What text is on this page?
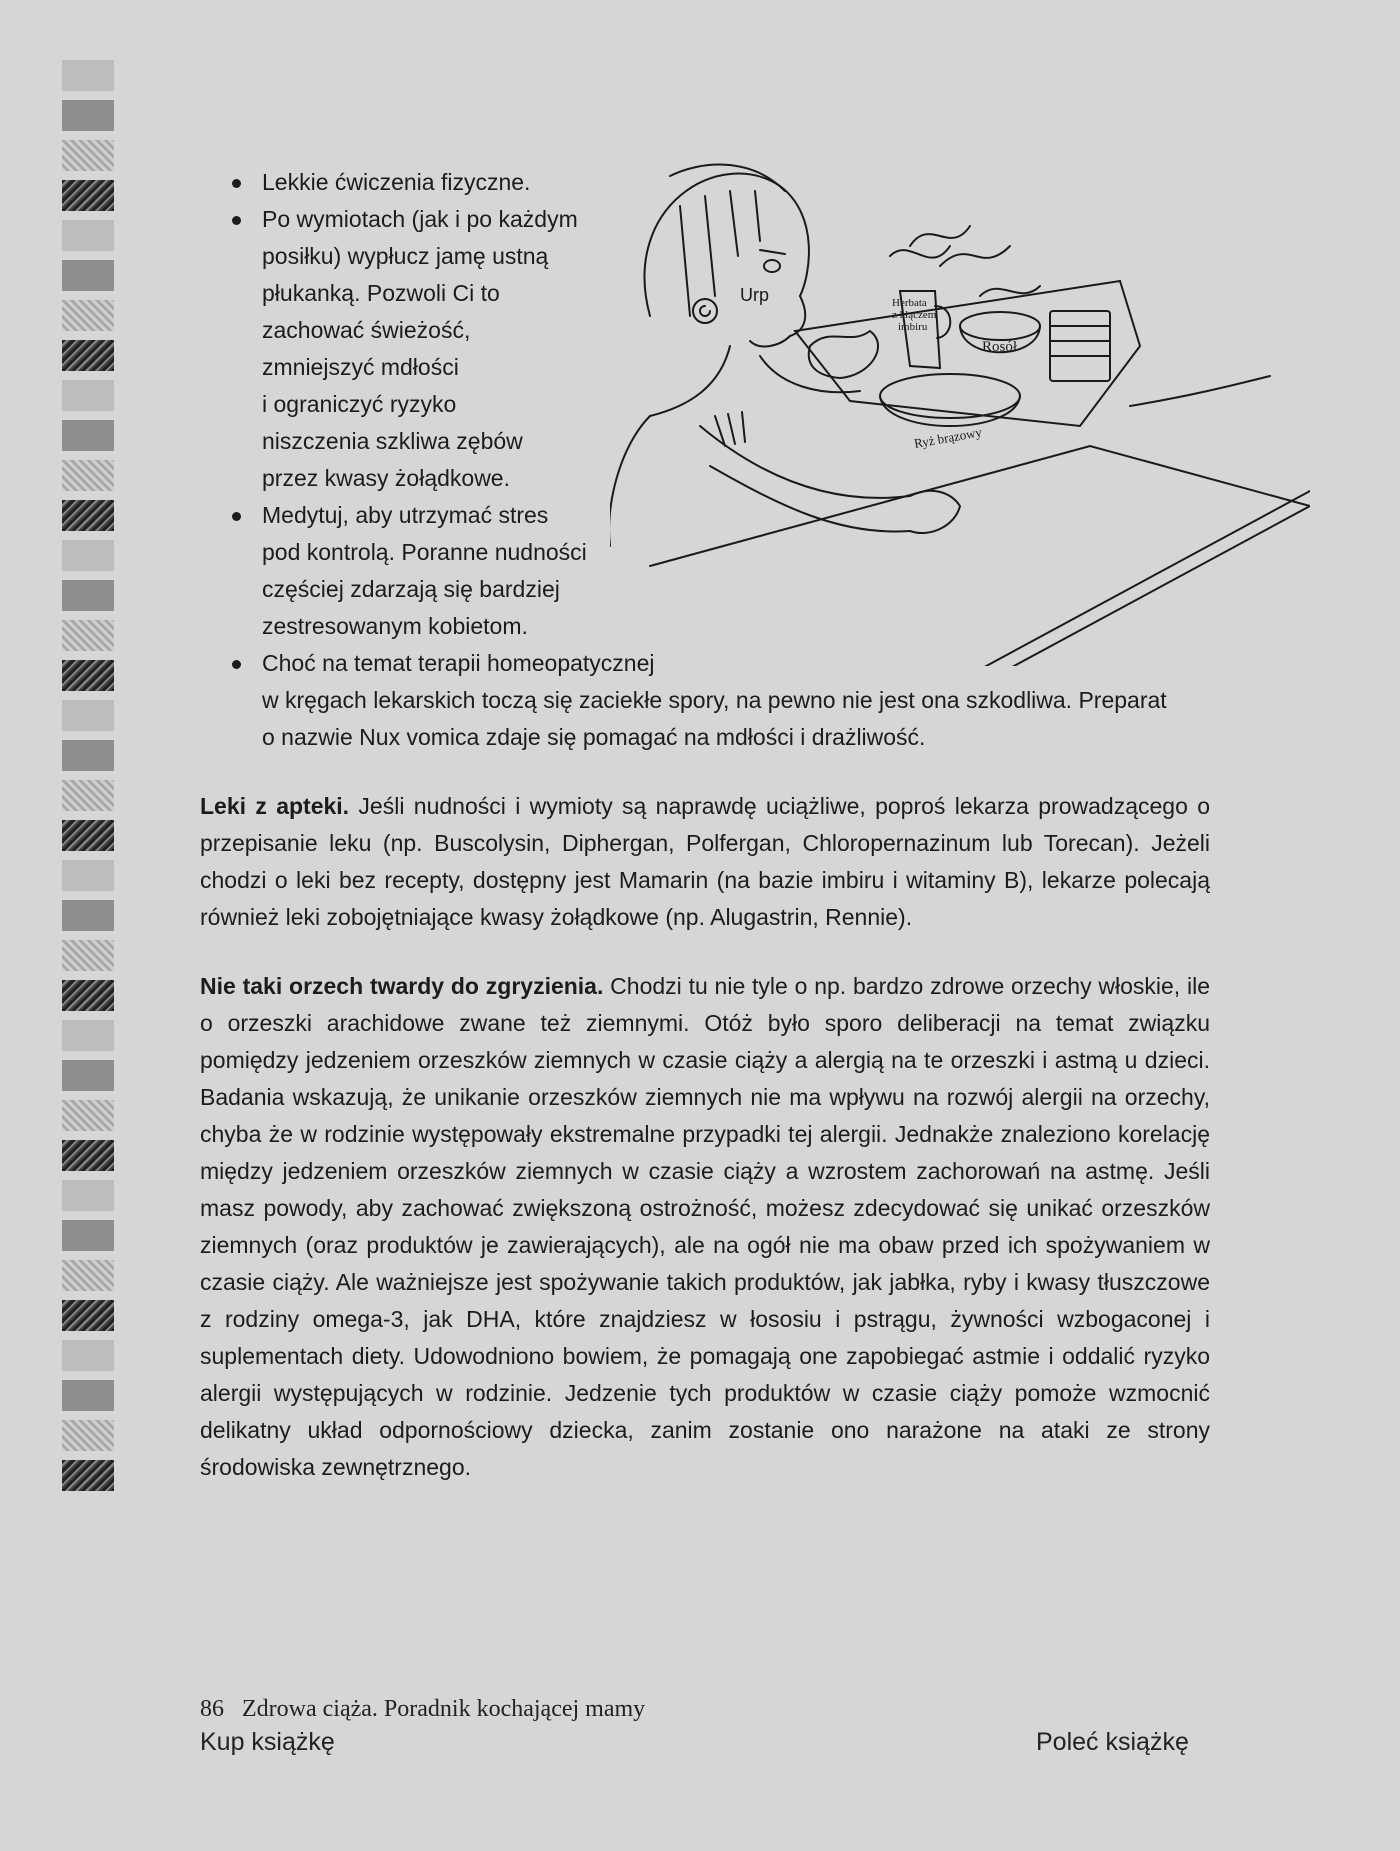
Urp	Herbata
z kłączem
imbiru
Rosół
Ryż brązowy
Lekkie ćwiczenia fizyczne.
Po wymiotach (jak i po każdym
posiłku) wypłucz jamę ustną
płukanką. Pozwoli Ci to
zachować świeżość,
zmniejszyć mdłości
i ograniczyć ryzyko
niszczenia szkliwa zębów
przez kwasy żołądkowe.
Medytuj, aby utrzymać stres
pod kontrolą. Poranne nudności
częściej zdarzają się bardziej
zestresowanym kobietom.
Choć na temat terapii homeopatycznej
w kręgach lekarskich toczą się zaciekłe spory, na pewno nie jest ona szkodliwa. Preparat
o nazwie Nux vomica zdaje się pomagać na mdłości i drażliwość.

Leki z apteki. Jeśli nudności i wymioty są naprawdę uciążliwe, poproś lekarza prowadzącego o przepisanie leku (np. Buscolysin, Diphergan, Polfergan, Chloropernazinum lub Torecan). Jeżeli chodzi o leki bez recepty, dostępny jest Mamarin (na bazie imbiru i witaminy B), lekarze polecają również leki zobojętniające kwasy żołądkowe (np. Alugastrin, Rennie).

Nie taki orzech twardy do zgryzienia. Chodzi tu nie tyle o np. bardzo zdrowe orzechy włoskie, ile o orzeszki arachidowe zwane też ziemnymi. Otóż było sporo deliberacji na temat związku pomiędzy jedzeniem orzeszków ziemnych w czasie ciąży a alergią na te orzeszki i astmą u dzieci. Badania wskazują, że unikanie orzeszków ziemnych nie ma wpływu na rozwój alergii na orzechy, chyba że w rodzinie występowały ekstremalne przypadki tej alergii. Jednakże znaleziono korelację między jedzeniem orzeszków ziemnych w czasie ciąży a wzrostem zachorowań na astmę. Jeśli masz powody, aby zachować zwiększoną ostrożność, możesz zdecydować się unikać orzeszków ziemnych (oraz produktów je zawierających), ale na ogół nie ma obaw przed ich spożywaniem w czasie ciąży. Ale ważniejsze jest spożywanie takich produktów, jak jabłka, ryby i kwasy tłuszczowe z rodziny omega-3, jak DHA, które znajdziesz w łososiu i pstrągu, żywności wzbogaconej i suplementach diety. Udowodniono bowiem, że pomagają one zapobiegać astmie i oddalić ryzyko alergii występujących w rodzinie. Jedzenie tych produktów w czasie ciąży pomoże wzmocnić delikatny układ odpornościowy dziecka, zanim zostanie ono narażone na ataki ze strony środowiska zewnętrznego.

86 Zdrowa ciąża. Poradnik kochającej mamy
Kup książkę	Poleć książkę
